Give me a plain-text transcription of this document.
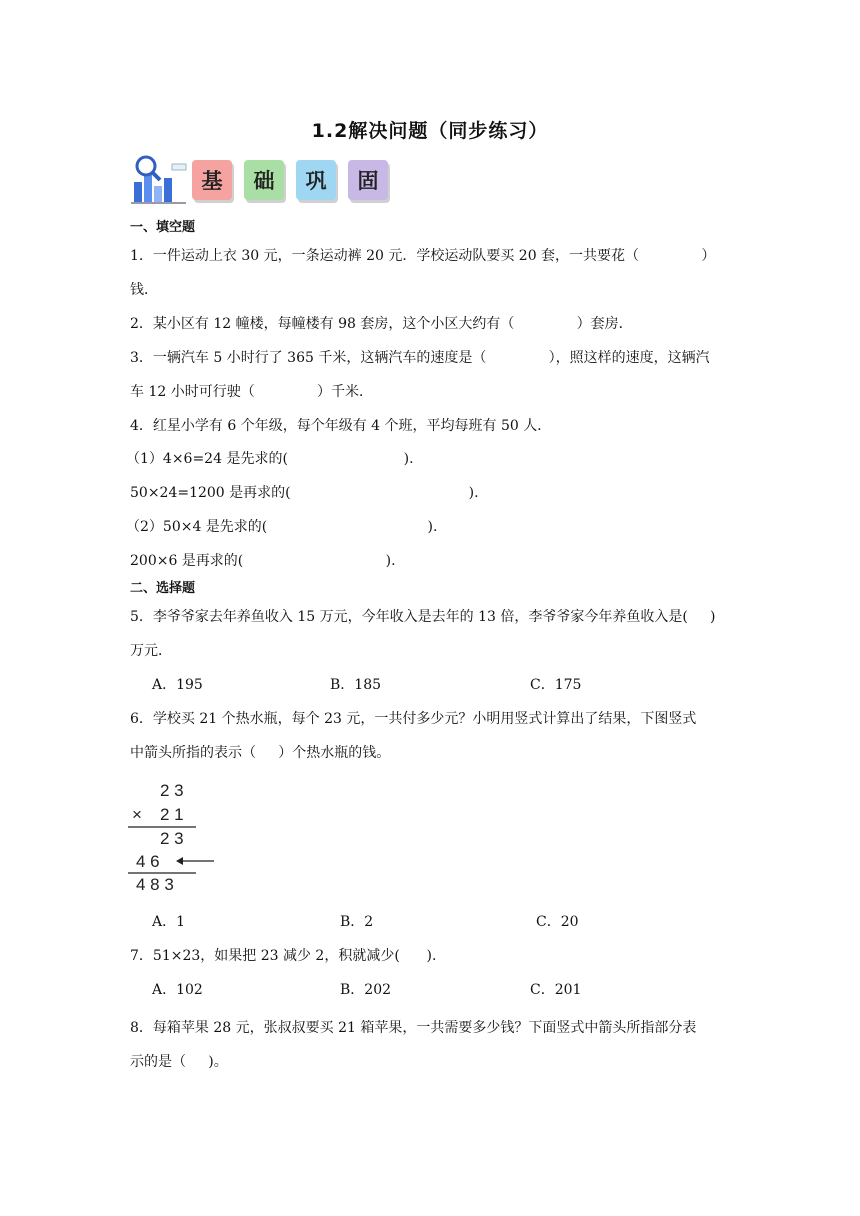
1.2解决问题（同步练习）
基	础	巩	固
一、填空题
1．一件运动上衣 30 元，一条运动裤 20 元．学校运动队要买 20 套，一共要花（              ）
钱．
2．某小区有 12 幢楼，每幢楼有 98 套房，这个小区大约有（              ）套房．
3．一辆汽车 5 小时行了 365 千米，这辆汽车的速度是（              ），照这样的速度，这辆汽
车 12 小时可行驶（              ）千米．
4．红星小学有 6 个年级，每个年级有 4 个班，平均每班有 50 人．
（1）4×6=24 是先求的(                          ).
50×24=1200 是再求的(                                        ).
（2）50×4 是先求的(                                    ).
200×6 是再求的(                                ).
二、选择题
5．李爷爷家去年养鱼收入 15 万元，今年收入是去年的 13 倍，李爷爷家今年养鱼收入是(     )
万元．
A．195	B．185	C．175
6．学校买 21 个热水瓶，每个 23 元，一共付多少元？小明用竖式计算出了结果，下图竖式
中箭头所指的表示（     ）个热水瓶的钱。
2 3
× 2 1
2 3
4 6
4 8 3
A．1	B．2	C．20
7．51×23，如果把 23 减少 2，积就减少(      ).
A．102	B．202	C．201
8．每箱苹果 28 元，张叔叔要买 21 箱苹果，一共需要多少钱？下面竖式中箭头所指部分表
示的是（     )。
